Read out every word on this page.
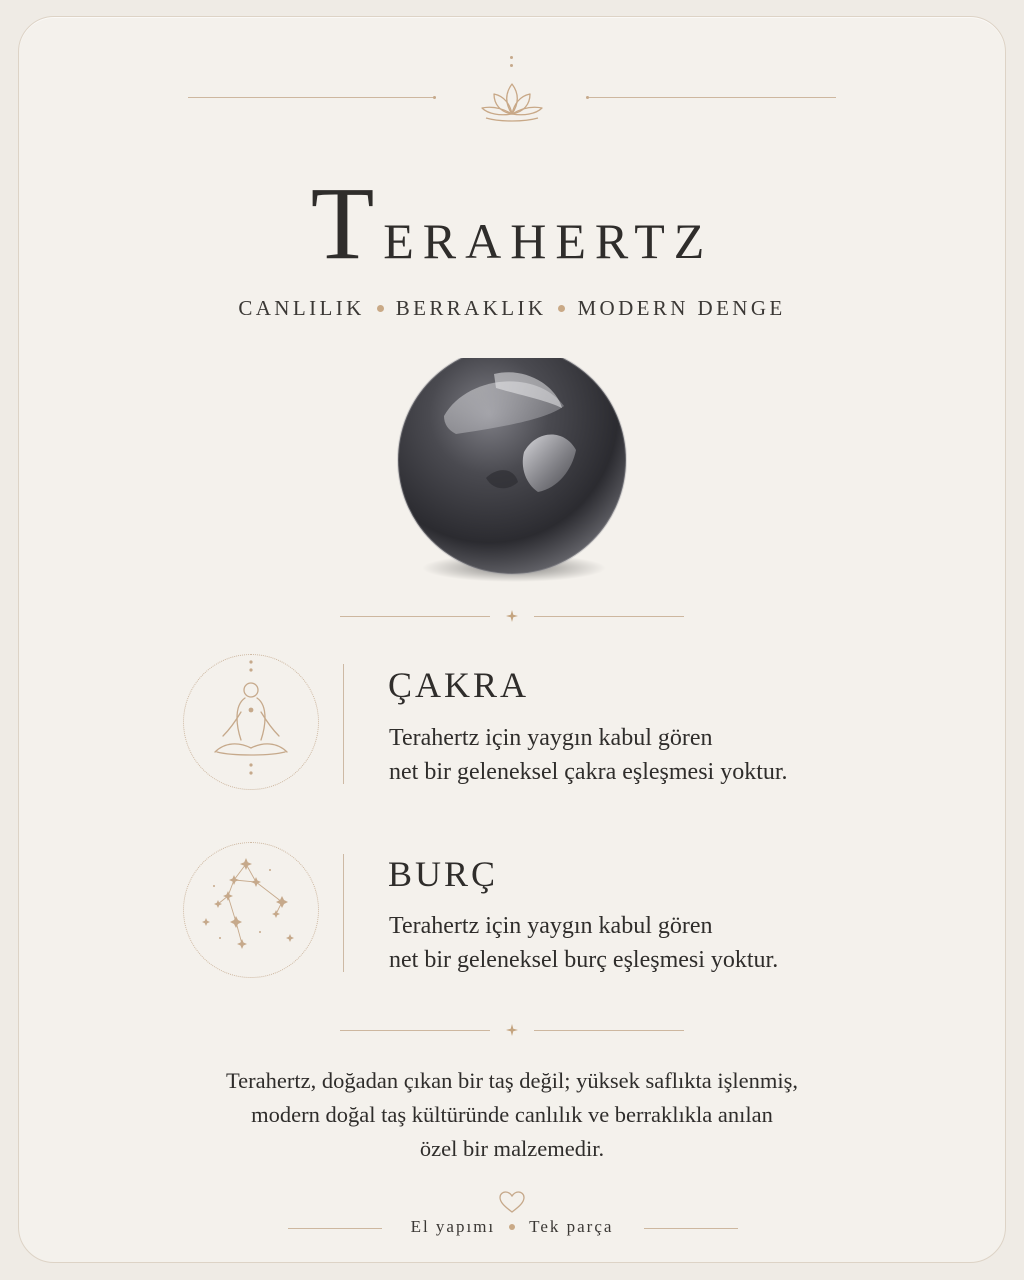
Terahertz
CANLILIK BERRAKLIK MODERN DENGE
ÇAKRA
Terahertz için yaygın kabul gören
net bir geleneksel çakra eşleşmesi yoktur.
BURÇ
Terahertz için yaygın kabul gören
net bir geleneksel burç eşleşmesi yoktur.
Terahertz, doğadan çıkan bir taş değil; yüksek saflıkta işlenmiş,
modern doğal taş kültüründe canlılık ve berraklıkla anılan
özel bir malzemedir.
El yapımı Tek parça
